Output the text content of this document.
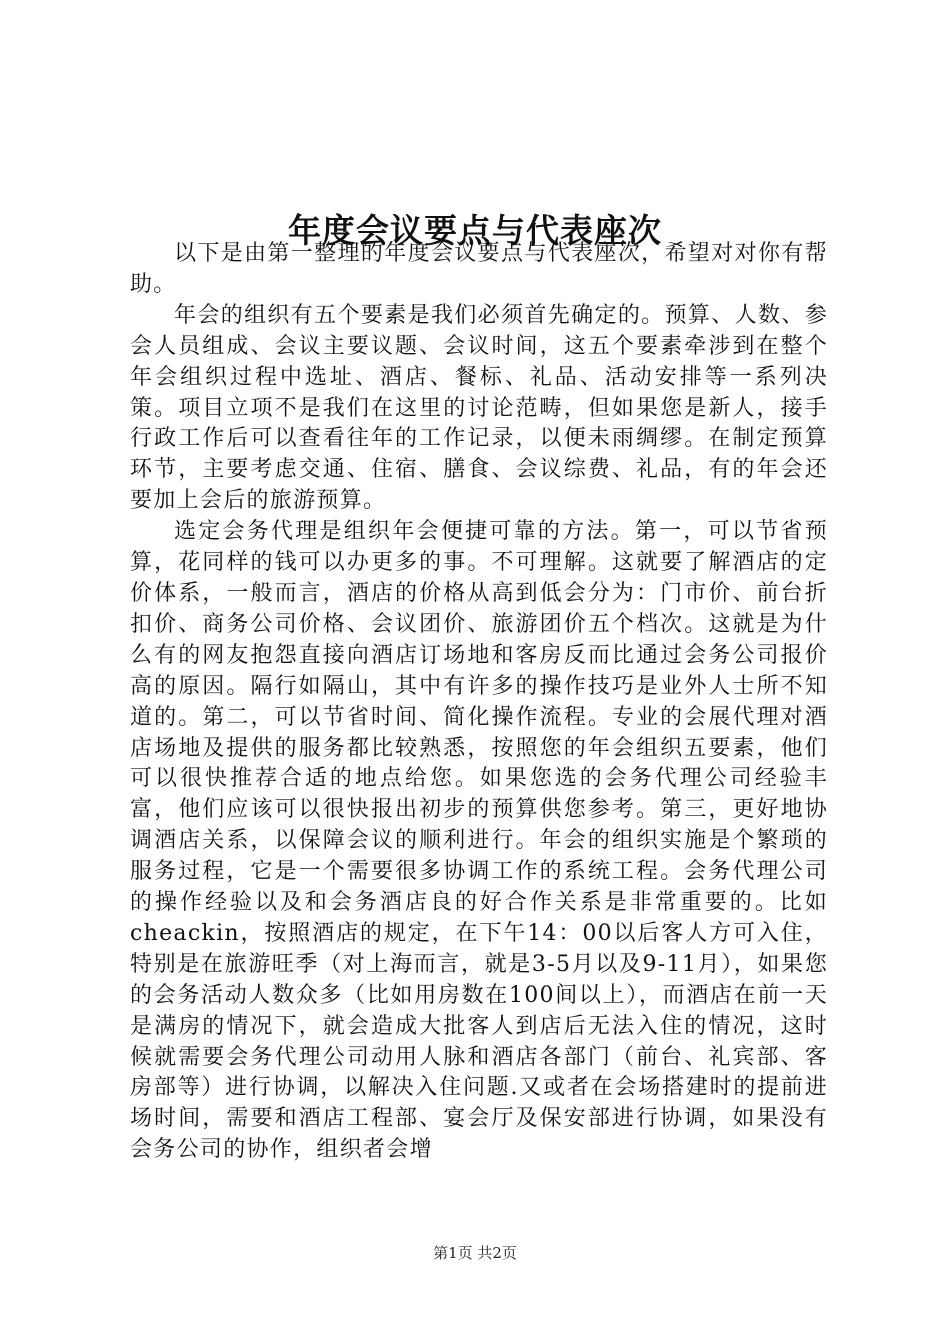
年度会议要点与代表座次

以下是由第一整理的年度会议要点与代表座次，希望对对你有帮助。

年会的组织有五个要素是我们必须首先确定的。预算、人数、参会人员组成、会议主要议题、会议时间，这五个要素牵涉到在整个年会组织过程中选址、酒店、餐标、礼品、活动安排等一系列决策。项目立项不是我们在这里的讨论范畴，但如果您是新人，接手行政工作后可以查看往年的工作记录，以便未雨绸缪。在制定预算环节，主要考虑交通、住宿、膳食、会议综费、礼品，有的年会还要加上会后的旅游预算。

选定会务代理是组织年会便捷可靠的方法。第一，可以节省预算，花同样的钱可以办更多的事。不可理解。这就要了解酒店的定价体系，一般而言，酒店的价格从高到低会分为：门市价、前台折扣价、商务公司价格、会议团价、旅游团价五个档次。这就是为什么有的网友抱怨直接向酒店订场地和客房反而比通过会务公司报价高的原因。隔行如隔山，其中有许多的操作技巧是业外人士所不知道的。第二，可以节省时间、简化操作流程。专业的会展代理对酒店场地及提供的服务都比较熟悉，按照您的年会组织五要素，他们可以很快推荐合适的地点给您。如果您选的会务代理公司经验丰富，他们应该可以很快报出初步的预算供您参考。第三，更好地协调酒店关系，以保障会议的顺利进行。年会的组织实施是个繁琐的服务过程，它是一个需要很多协调工作的系统工程。会务代理公司的操作经验以及和会务酒店良的好合作关系是非常重要的。比如cheackin，按照酒店的规定，在下午14：00以后客人方可入住，特别是在旅游旺季（对上海而言，就是3-5月以及9-11月），如果您的会务活动人数众多（比如用房数在100间以上），而酒店在前一天是满房的情况下，就会造成大批客人到店后无法入住的情况，这时候就需要会务代理公司动用人脉和酒店各部门（前台、礼宾部、客房部等）进行协调，以解决入住问题.又或者在会场搭建时的提前进场时间，需要和酒店工程部、宴会厅及保安部进行协调，如果没有会务公司的协作，组织者会增

第1页 共2页
